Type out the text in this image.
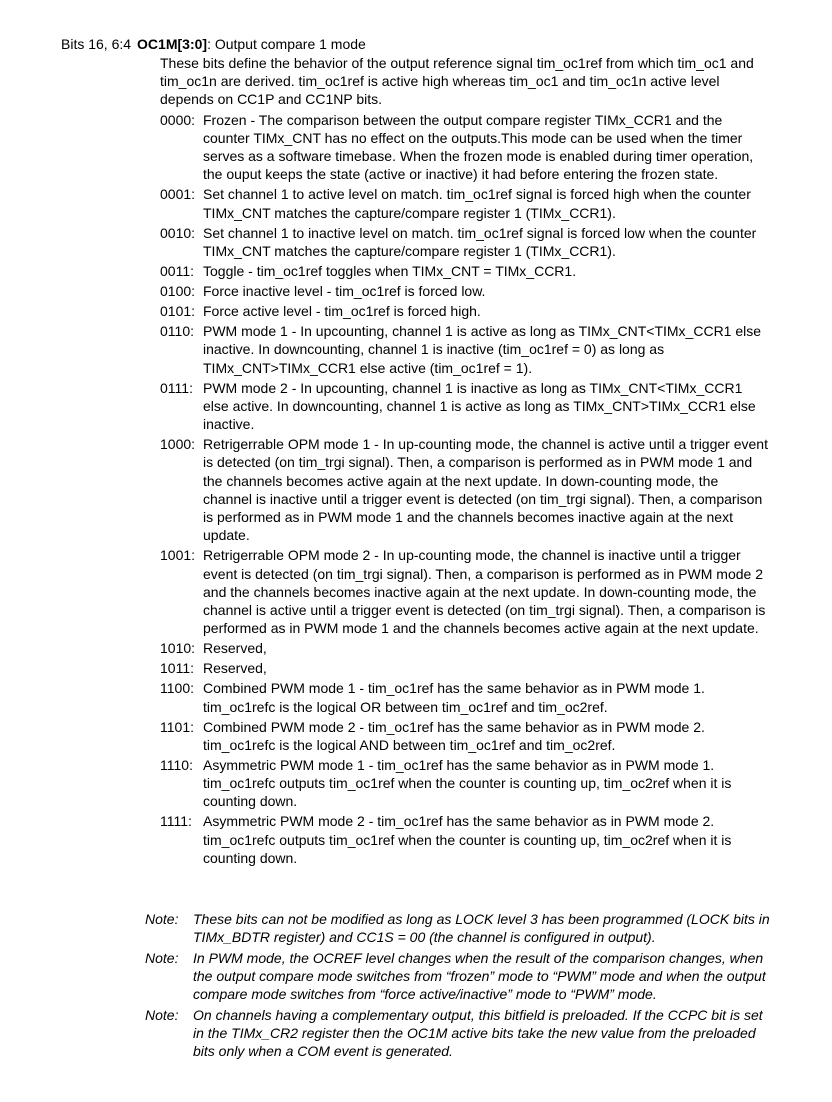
Bits 16, 6:4 OC1M[3:0]: Output compare 1 mode

These bits define the behavior of the output reference signal tim_oc1ref from which tim_oc1 and tim_oc1n are derived. tim_oc1ref is active high whereas tim_oc1 and tim_oc1n active level depends on CC1P and CC1NP bits.

0000: Frozen - The comparison between the output compare register TIMx_CCR1 and the counter TIMx_CNT has no effect on the outputs.This mode can be used when the timer serves as a software timebase. When the frozen mode is enabled during timer operation, the ouput keeps the state (active or inactive) it had before entering the frozen state.
0001: Set channel 1 to active level on match. tim_oc1ref signal is forced high when the counter TIMx_CNT matches the capture/compare register 1 (TIMx_CCR1).
0010: Set channel 1 to inactive level on match. tim_oc1ref signal is forced low when the counter TIMx_CNT matches the capture/compare register 1 (TIMx_CCR1).
0011: Toggle - tim_oc1ref toggles when TIMx_CNT = TIMx_CCR1.
0100: Force inactive level - tim_oc1ref is forced low.
0101: Force active level - tim_oc1ref is forced high.
0110: PWM mode 1 - In upcounting, channel 1 is active as long as TIMx_CNT<TIMx_CCR1 else inactive. In downcounting, channel 1 is inactive (tim_oc1ref = 0) as long as TIMx_CNT>TIMx_CCR1 else active (tim_oc1ref = 1).
0111: PWM mode 2 - In upcounting, channel 1 is inactive as long as TIMx_CNT<TIMx_CCR1 else active. In downcounting, channel 1 is active as long as TIMx_CNT>TIMx_CCR1 else inactive.
1000: Retrigerrable OPM mode 1 - In up-counting mode, the channel is active until a trigger event is detected (on tim_trgi signal). Then, a comparison is performed as in PWM mode 1 and the channels becomes active again at the next update. In down-counting mode, the channel is inactive until a trigger event is detected (on tim_trgi signal). Then, a comparison is performed as in PWM mode 1 and the channels becomes inactive again at the next update.
1001: Retrigerrable OPM mode 2 - In up-counting mode, the channel is inactive until a trigger event is detected (on tim_trgi signal). Then, a comparison is performed as in PWM mode 2 and the channels becomes inactive again at the next update. In down-counting mode, the channel is active until a trigger event is detected (on tim_trgi signal). Then, a comparison is performed as in PWM mode 1 and the channels becomes active again at the next update.
1010: Reserved,
1011: Reserved,
1100: Combined PWM mode 1 - tim_oc1ref has the same behavior as in PWM mode 1. tim_oc1refc is the logical OR between tim_oc1ref and tim_oc2ref.
1101: Combined PWM mode 2 - tim_oc1ref has the same behavior as in PWM mode 2. tim_oc1refc is the logical AND between tim_oc1ref and tim_oc2ref.
1110: Asymmetric PWM mode 1 - tim_oc1ref has the same behavior as in PWM mode 1. tim_oc1refc outputs tim_oc1ref when the counter is counting up, tim_oc2ref when it is counting down.
1111: Asymmetric PWM mode 2 - tim_oc1ref has the same behavior as in PWM mode 2. tim_oc1refc outputs tim_oc1ref when the counter is counting up, tim_oc2ref when it is counting down.
Note: These bits can not be modified as long as LOCK level 3 has been programmed (LOCK bits in TIMx_BDTR register) and CC1S = 00 (the channel is configured in output).
Note: In PWM mode, the OCREF level changes when the result of the comparison changes, when the output compare mode switches from “frozen” mode to “PWM” mode and when the output compare mode switches from “force active/inactive” mode to “PWM” mode.
Note: On channels having a complementary output, this bitfield is preloaded. If the CCPC bit is set in the TIMx_CR2 register then the OC1M active bits take the new value from the preloaded bits only when a COM event is generated.
